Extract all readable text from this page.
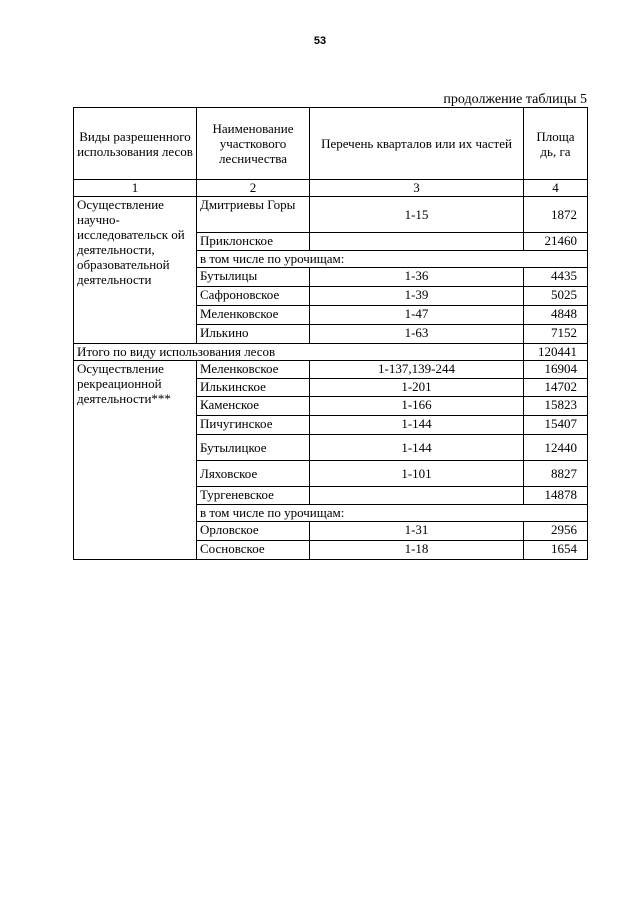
53
продолжение таблицы 5
Виды разрешенного использования лесов	Наименование участкового лесничества	Перечень кварталов или их частей	Площа дь, га
1	2	3	4
Осуществление научно- исследовательск ой деятельности, образовательной деятельности	Дмитриевы Горы	1-15	1872
	Приклонское		21460
	в том числе по урочищам:		
	Бутылицы	1-36	4435
	Сафроновское	1-39	5025
	Меленковское	1-47	4848
	Илькино	1-63	7152
Итого по виду использования лесов			120441
Осуществление рекреационной деятельности***	Меленковское	1-137,139-244	16904
	Илькинское	1-201	14702
	Каменское	1-166	15823
	Пичугинское	1-144	15407
	Бутылицкое	1-144	12440
	Ляховское	1-101	8827
	Тургеневское		14878
	в том числе по урочищам:		
	Орловское	1-31	2956
	Сосновское	1-18	1654
